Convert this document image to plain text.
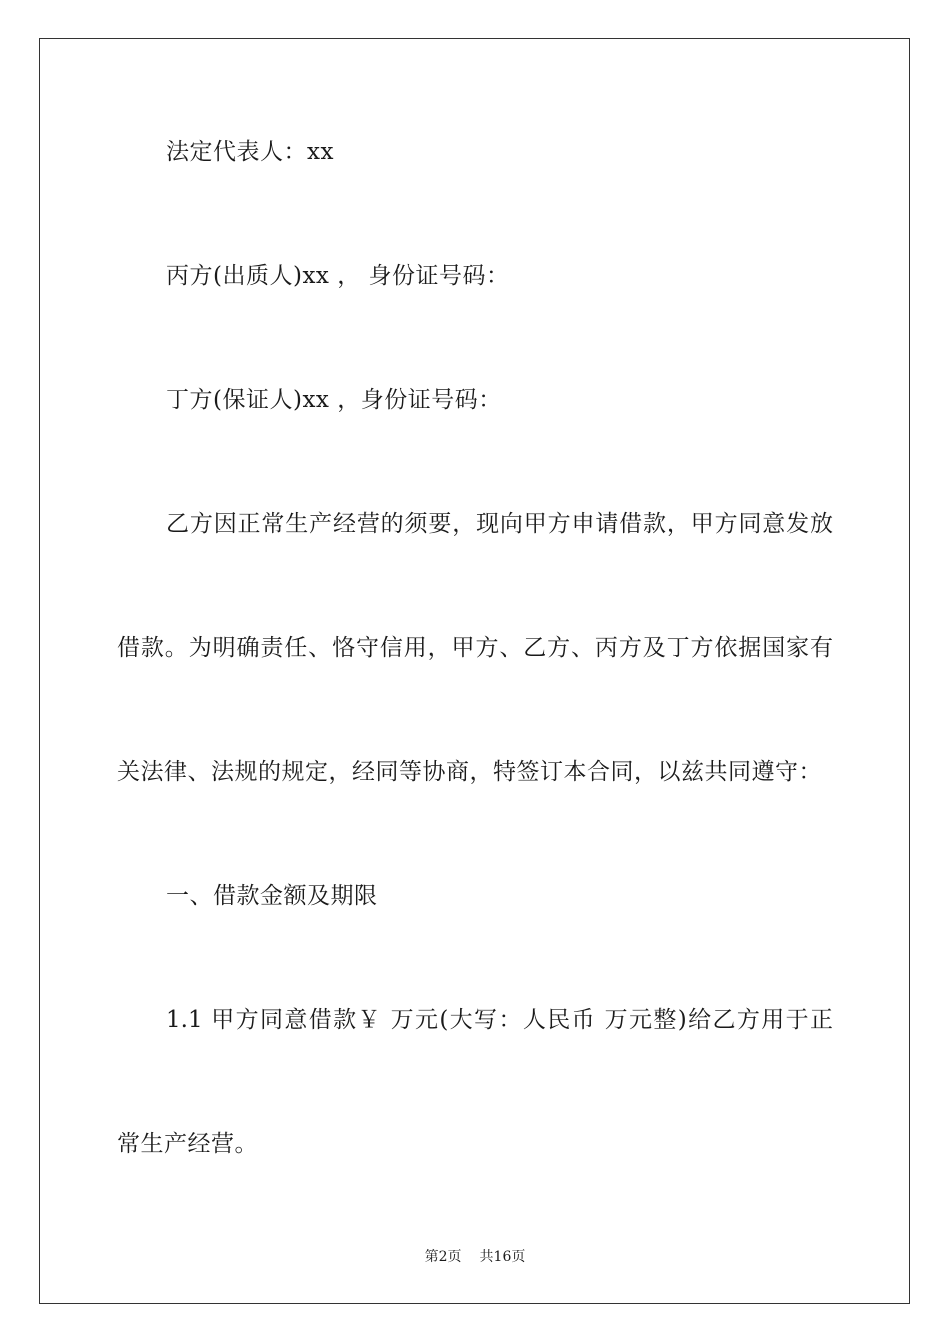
法定代表人：xx
丙方(出质人)xx ， 身份证号码：
丁方(保证人)xx ，身份证号码：
乙方因正常生产经营的须要，现向甲方申请借款，甲方同意发放
借款。为明确责任、恪守信用，甲方、乙方、丙方及丁方依据国家有
关法律、法规的规定，经同等协商，特签订本合同，以兹共同遵守：
一、借款金额及期限
1.1 甲方同意借款￥ 万元(大写：人民币 万元整)给乙方用于正
常生产经营。
第2页 共16页
